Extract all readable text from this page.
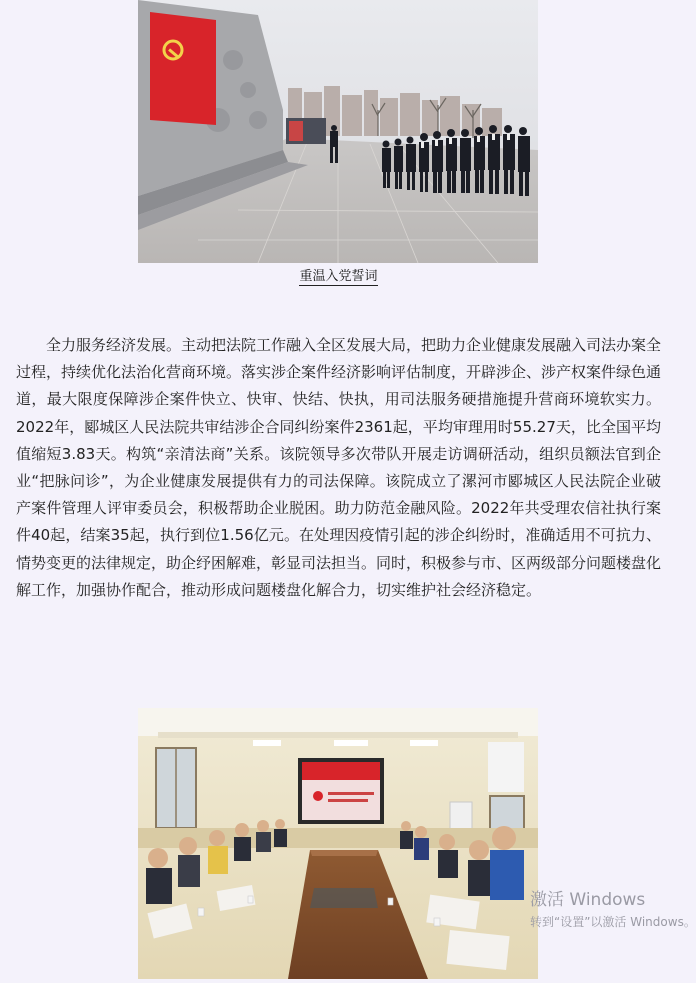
重温入党誓词

全力服务经济发展。主动把法院工作融入全区发展大局，把助力企业健康发展融入司法办案全过程，持续优化法治化营商环境。落实涉企案件经济影响评估制度，开辟涉企、涉产权案件绿色通道，最大限度保障涉企案件快立、快审、快结、快执，用司法服务硬措施提升营商环境软实力。2022年，郾城区人民法院共审结涉企合同纠纷案件2361起，平均审理用时55.27天，比全国平均值缩短3.83天。构筑“亲清法商”关系。该院领导多次带队开展走访调研活动，组织员额法官到企业“把脉问诊”，为企业健康发展提供有力的司法保障。该院成立了漯河市郾城区人民法院企业破产案件管理人评审委员会，积极帮助企业脱困。助力防范金融风险。2022年共受理农信社执行案件40起，结案35起，执行到位1.56亿元。在处理因疫情引起的涉企纠纷时，准确适用不可抗力、情势变更的法律规定，助企纾困解难，彰显司法担当。同时，积极参与市、区两级部分问题楼盘化解工作，加强协作配合，推动形成问题楼盘化解合力，切实维护社会经济稳定。

激活 Windows
转到“设置”以激活 Windows。
